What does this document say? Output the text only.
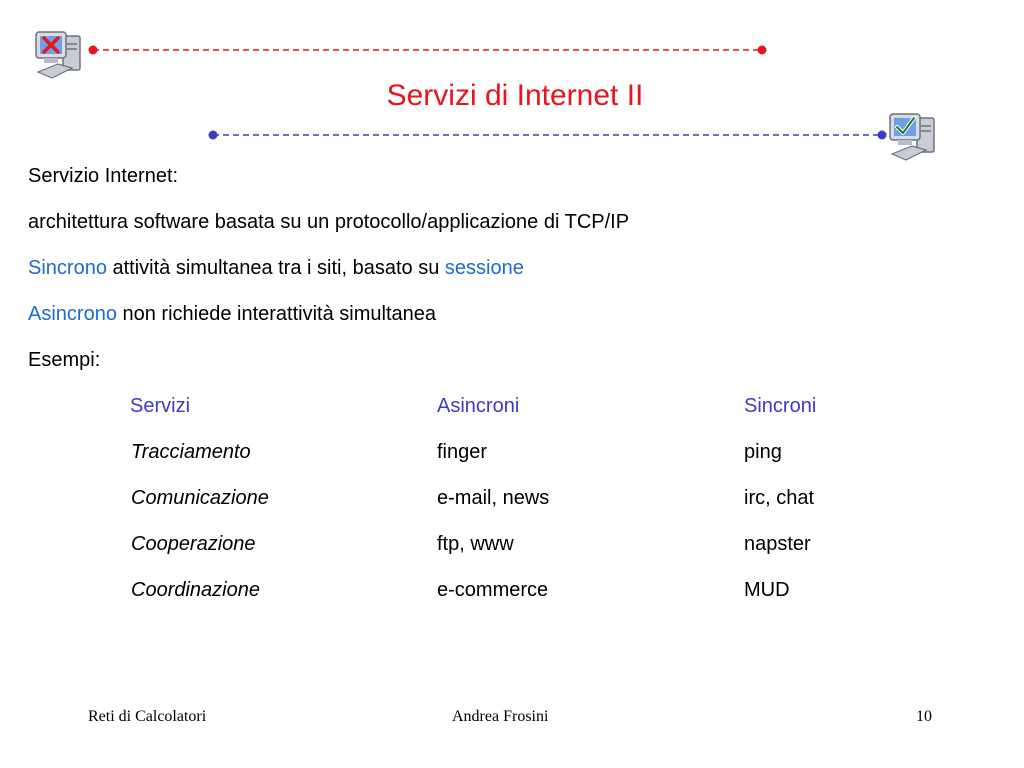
Servizi di Internet II
Servizio Internet:
architettura software basata su un protocollo/applicazione di TCP/IP
Sincrono attività simultanea tra i siti, basato su sessione
Asincrono non richiede interattività simultanea
Esempi:
Servizi	Asincroni	Sincroni
Tracciamento	finger	ping
Comunicazione	e-mail, news	irc, chat
Cooperazione	ftp, www	napster
Coordinazione	e-commerce	MUD
Reti di Calcolatori	Andrea Frosini	10
